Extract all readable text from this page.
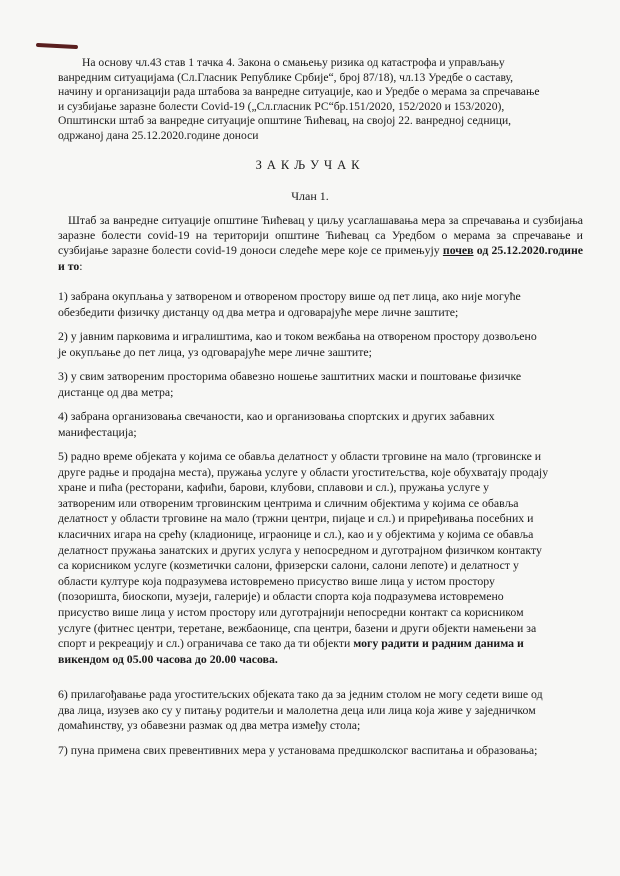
На основу чл.43 став 1 тачка 4. Закона о смањењу ризика од катастрофа и управљању
ванредним ситуацијама (Сл.Гласник Републике Србије“, број 87/18), чл.13 Уредбе о саставу,
начину и организацији рада штабова за ванредне ситуације, као и Уредбе о мерама за спречавање
и сузбијање заразне болести Covid-19 („Сл.гласник РС“бр.151/2020, 152/2020 и 153/2020),
Општински штаб за ванредне ситуације општине Ћићевац, на својој 22. ванредној седници,
одржаној дана 25.12.2020.године доноси

ЗАКЉУЧАК

Члан 1.

Штаб за ванредне ситуације општине Ћићевац у циљу усаглашавања мера за спречавања и сузбијања заразне болести covid-19 на територији општине Ћићевац са Уредбом о мерама за спречавање и сузбијање заразне болести covid-19 доноси следеће мере које се примењују почев од 25.12.2020.године и то:

1) забрана окупљања у затвореном и отвореном простору више од пет лица, ако није могуће
обезбедити физичку дистанцу од два метра и одговарајуће мере личне заштите;

2) у јавним парковима и игралиштима, као и током вежбања на отвореном простору дозвољено
је окупљање до пет лица, уз одговарајуће мере личне заштите;

3) у свим затвореним просторима обавезно ношење заштитних маски и поштовање физичке
дистанце од два метра;

4) забрана организовања свечаности, као и организовања спортских и других забавних
манифестација;

5) радно време објеката у којима се обавља делатност у области трговине на мало (трговинске и
друге радње и продајна места), пружања услуге у области угоститељства, које обухватају продају
хране и пића (ресторани, кафићи, барови, клубови, сплавови и сл.), пружања услуге у
затвореним или отвореним трговинским центрима и сличним објектима у којима се обавља
делатност у области трговине на мало (тржни центри, пијаце и сл.) и приређивања посебних и
класичних игара на срећу (кладионице, играонице и сл.), као и у објектима у којима се обавља
делатност пружања занатских и других услуга у непосредном и дуготрајном физичком контакту
са корисником услуге (козметички салони, фризерски салони, салони лепоте) и делатност у
области културе која подразумева истовремено присуство више лица у истом простору
(позоришта, биоскопи, музеји, галерије) и области спорта која подразумева истовремено
присуство више лица у истом простору или дуготрајнији непосредни контакт са корисником
услуге (фитнес центри, теретане, вежбаонице, спа центри, базени и други објекти намењени за
спорт и рекреацију и сл.) ограничава се тако да ти објекти могу радити и радним данима и
викендом од 05.00 часова до 20.00 часова.

6) прилагођавање рада угоститељских објеката тако да за једним столом не могу седети више од
два лица, изузев ако су у питању родитељи и малолетна деца или лица која живе у заједничком
домаћинству, уз обавезни размак од два метра између стола;

7) пуна примена свих превентивних мера у установама предшколског васпитања и образовања;
